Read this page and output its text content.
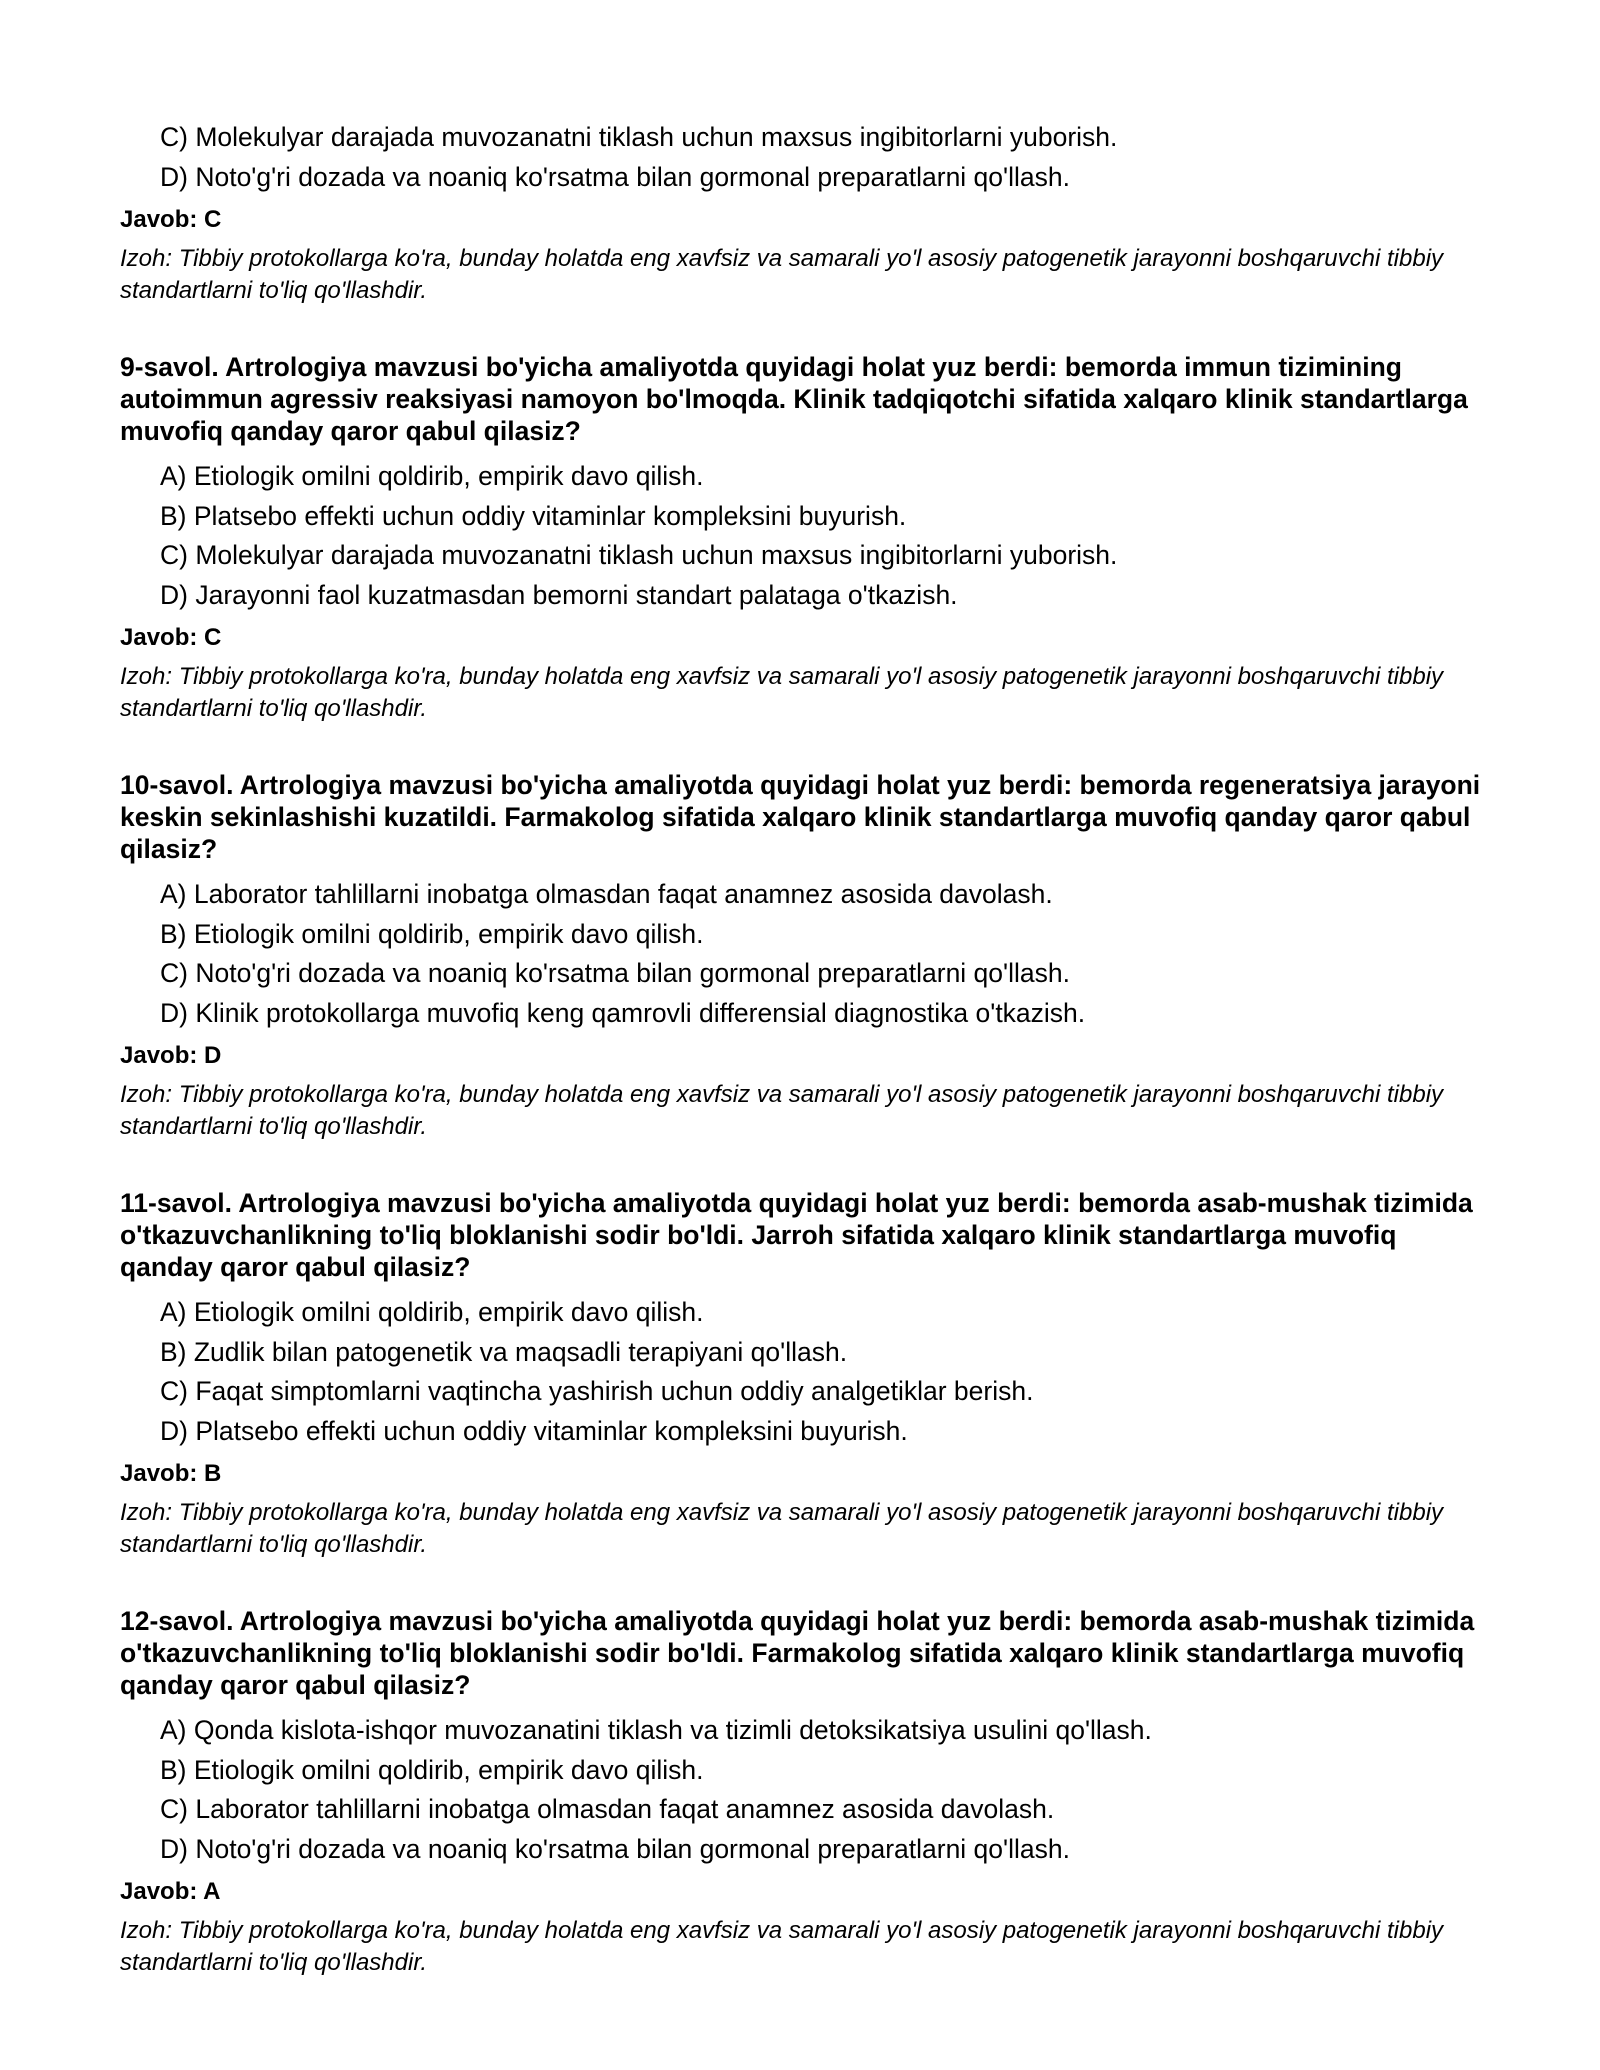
C) Molekulyar darajada muvozanatni tiklash uchun maxsus ingibitorlarni yuborish.
D) Noto'g'ri dozada va noaniq ko'rsatma bilan gormonal preparatlarni qo'llash.
Javob: C
Izoh: Tibbiy protokollarga ko'ra, bunday holatda eng xavfsiz va samarali yo'l asosiy patogenetik jarayonni boshqaruvchi tibbiy standartlarni to'liq qo'llashdir.
9-savol. Artrologiya mavzusi bo'yicha amaliyotda quyidagi holat yuz berdi: bemorda immun tizimining autoimmun agressiv reaksiyasi namoyon bo'lmoqda. Klinik tadqiqotchi sifatida xalqaro klinik standartlarga muvofiq qanday qaror qabul qilasiz?
A) Etiologik omilni qoldirib, empirik davo qilish.
B) Platsebo effekti uchun oddiy vitaminlar kompleksini buyurish.
C) Molekulyar darajada muvozanatni tiklash uchun maxsus ingibitorlarni yuborish.
D) Jarayonni faol kuzatmasdan bemorni standart palataga o'tkazish.
Javob: C
Izoh: Tibbiy protokollarga ko'ra, bunday holatda eng xavfsiz va samarali yo'l asosiy patogenetik jarayonni boshqaruvchi tibbiy standartlarni to'liq qo'llashdir.
10-savol. Artrologiya mavzusi bo'yicha amaliyotda quyidagi holat yuz berdi: bemorda regeneratsiya jarayoni keskin sekinlashishi kuzatildi. Farmakolog sifatida xalqaro klinik standartlarga muvofiq qanday qaror qabul qilasiz?
A) Laborator tahlillarni inobatga olmasdan faqat anamnez asosida davolash.
B) Etiologik omilni qoldirib, empirik davo qilish.
C) Noto'g'ri dozada va noaniq ko'rsatma bilan gormonal preparatlarni qo'llash.
D) Klinik protokollarga muvofiq keng qamrovli differensial diagnostika o'tkazish.
Javob: D
Izoh: Tibbiy protokollarga ko'ra, bunday holatda eng xavfsiz va samarali yo'l asosiy patogenetik jarayonni boshqaruvchi tibbiy standartlarni to'liq qo'llashdir.
11-savol. Artrologiya mavzusi bo'yicha amaliyotda quyidagi holat yuz berdi: bemorda asab-mushak tizimida o'tkazuvchanlikning to'liq bloklanishi sodir bo'ldi. Jarroh sifatida xalqaro klinik standartlarga muvofiq qanday qaror qabul qilasiz?
A) Etiologik omilni qoldirib, empirik davo qilish.
B) Zudlik bilan patogenetik va maqsadli terapiyani qo'llash.
C) Faqat simptomlarni vaqtincha yashirish uchun oddiy analgetiklar berish.
D) Platsebo effekti uchun oddiy vitaminlar kompleksini buyurish.
Javob: B
Izoh: Tibbiy protokollarga ko'ra, bunday holatda eng xavfsiz va samarali yo'l asosiy patogenetik jarayonni boshqaruvchi tibbiy standartlarni to'liq qo'llashdir.
12-savol. Artrologiya mavzusi bo'yicha amaliyotda quyidagi holat yuz berdi: bemorda asab-mushak tizimida o'tkazuvchanlikning to'liq bloklanishi sodir bo'ldi. Farmakolog sifatida xalqaro klinik standartlarga muvofiq qanday qaror qabul qilasiz?
A) Qonda kislota-ishqor muvozanatini tiklash va tizimli detoksikatsiya usulini qo'llash.
B) Etiologik omilni qoldirib, empirik davo qilish.
C) Laborator tahlillarni inobatga olmasdan faqat anamnez asosida davolash.
D) Noto'g'ri dozada va noaniq ko'rsatma bilan gormonal preparatlarni qo'llash.
Javob: A
Izoh: Tibbiy protokollarga ko'ra, bunday holatda eng xavfsiz va samarali yo'l asosiy patogenetik jarayonni boshqaruvchi tibbiy standartlarni to'liq qo'llashdir.
